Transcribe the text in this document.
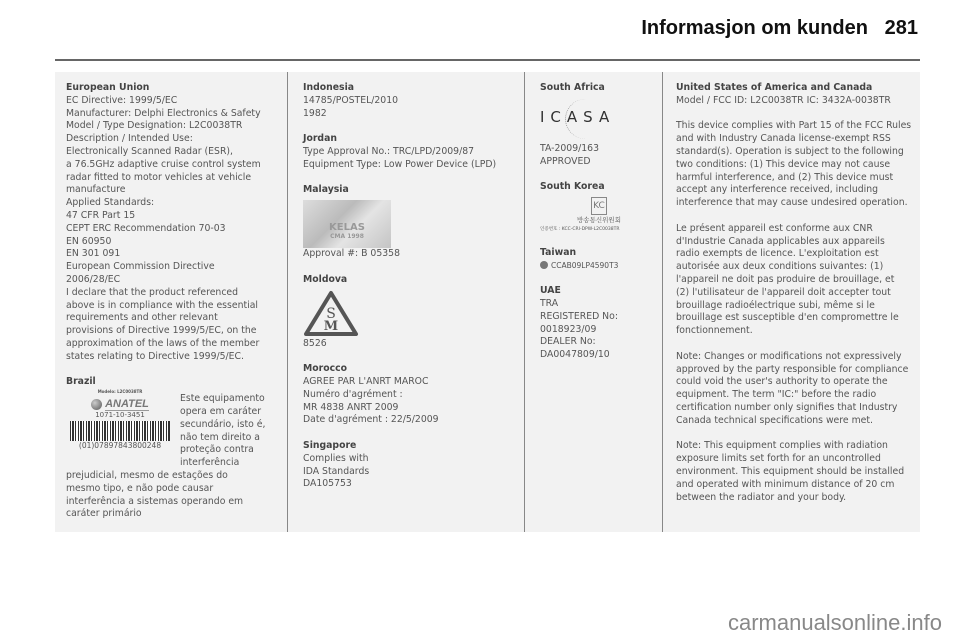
Informasjon om kunden 281

European Union

EC Directive: 1999/5/EC

Manufacturer: Delphi Electronics & Safety

Model / Type Designation: L2C0038TR

Description / Intended Use:

Electronically Scanned Radar (ESR),

a 76.5GHz adaptive cruise control system

radar fitted to motor vehicles at vehicle

manufacture

Applied Standards:

47 CFR Part 15

CEPT ERC Recommendation 70-03

EN 60950

EN 301 091

European Commission Directive

2006/28/EC

I declare that the product referenced

above is in compliance with the essential

requirements and other relevant

provisions of Directive 1999/5/EC, on the

approximation of the laws of the member

states relating to Directive 1999/5/EC.

Brazil

Modelo: L2C0038TR
ANATEL
1071-10-3451
(01)07897843800248

Este equipamento

opera em caráter

secundário, isto é,

não tem direito a

proteção contra

interferência

prejudicial, mesmo de estações do

mesmo tipo, e não pode causar

interferência a sistemas operando em

caráter primário

Indonesia

14785/POSTEL/2010

1982

Jordan

Type Approval No.: TRC/LPD/2009/87

Equipment Type: Low Power Device (LPD)

Malaysia

KELAS
CMA 1998

Approval #: B 05358

Moldova

S
M

8526

Morocco

AGREE PAR L'ANRT MAROC

Numéro d'agrément :

MR 4838 ANRT 2009

Date d'agrément : 22/5/2009

Singapore

Complies with

IDA Standards

DA105753

South Africa

ICASA

TA-2009/163

APPROVED

South Korea

KC
방송통신위원회
인증번호 : KCC-CRI-DPW-L2C0038TR

Taiwan

CCAB09LP4590T3

UAE

TRA

REGISTERED No:

0018923/09

DEALER No:

DA0047809/10

United States of America and Canada

Model / FCC ID: L2C0038TR IC: 3432A-0038TR

This device complies with Part 15 of the FCC Rules

and with Industry Canada license-exempt RSS

standard(s). Operation is subject to the following

two conditions: (1) This device may not cause

harmful interference, and (2) This device must

accept any interference received, including

interference that may cause undesired operation.

Le présent appareil est conforme aux CNR

d'Industrie Canada applicables aux appareils

radio exempts de licence. L'exploitation est

autorisée aux deux conditions suivantes: (1)

l'appareil ne doit pas produire de brouillage, et

(2) l'utilisateur de l'appareil doit accepter tout

brouillage radioélectrique subi, même si le

brouillage est susceptible d'en compromettre le

fonctionnement.

Note: Changes or modifications not expressively

approved by the party responsible for compliance

could void the user's authority to operate the

equipment. The term "IC:" before the radio

certification number only signifies that Industry

Canada technical specifications were met.

Note: This equipment complies with radiation

exposure limits set forth for an uncontrolled

environment. This equipment should be installed

and operated with minimum distance of 20 cm

between the radiator and your body.

carmanualsonline.info
